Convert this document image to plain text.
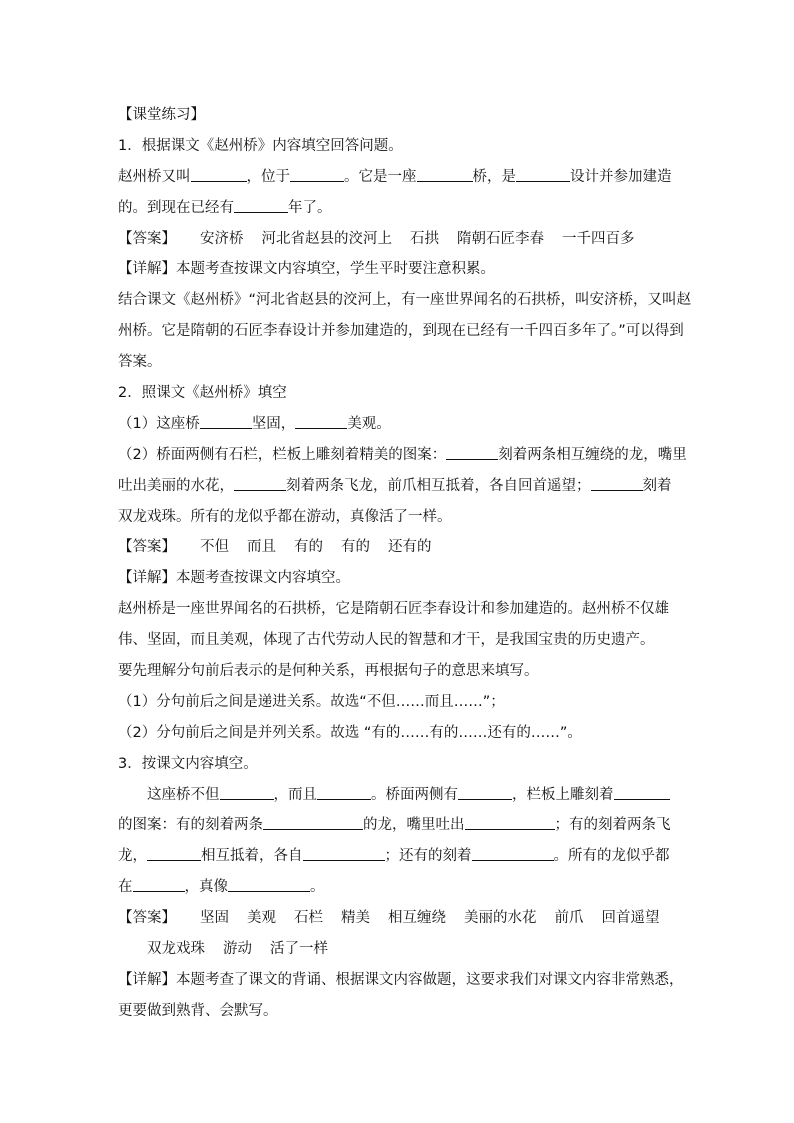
【课堂练习】
1．根据课文《赵州桥》内容填空回答问题。
赵州桥又叫	，位于	。它是一座	桥，是	设计并参加建造
的。到现在已经有	年了。
【答案】 安济桥 河北省赵县的洨河上 石拱 隋朝石匠李春 一千四百多
【详解】本题考查按课文内容填空，学生平时要注意积累。
结合课文《赵州桥》“河北省赵县的洨河上，有一座世界闻名的石拱桥，叫安济桥，又叫赵
州桥。它是隋朝的石匠李春设计并参加建造的，到现在已经有一千四百多年了。”可以得到
答案。
2．照课文《赵州桥》填空
（1）这座桥	坚固，	美观。
（2）桥面两侧有石栏，栏板上雕刻着精美的图案：	刻着两条相互缠绕的龙，嘴里
吐出美丽的水花，	刻着两条飞龙，前爪相互抵着，各自回首遥望；	刻着
双龙戏珠。所有的龙似乎都在游动，真像活了一样。
【答案】 不但 而且 有的 有的 还有的
【详解】本题考查按课文内容填空。
赵州桥是一座世界闻名的石拱桥，它是隋朝石匠李春设计和参加建造的。赵州桥不仅雄
伟、坚固，而且美观，体现了古代劳动人民的智慧和才干，是我国宝贵的历史遗产。
要先理解分句前后表示的是何种关系，再根据句子的意思来填写。
（1）分句前后之间是递进关系。故选“不但……而且……”；
（2）分句前后之间是并列关系。故选 “有的……有的……还有的……”。
3．按课文内容填空。
这座桥不但	，而且	。桥面两侧有	，栏板上雕刻着
的图案：有的刻着两条	的龙，嘴里吐出	；有的刻着两条飞
龙，	相互抵着，各自	；还有的刻着	。所有的龙似乎都
在	，真像	。
【答案】 坚固 美观 石栏 精美 相互缠绕 美丽的水花 前爪 回首遥望
双龙戏珠 游动 活了一样
【详解】本题考查了课文的背诵、根据课文内容做题，这要求我们对课文内容非常熟悉，
更要做到熟背、会默写。
